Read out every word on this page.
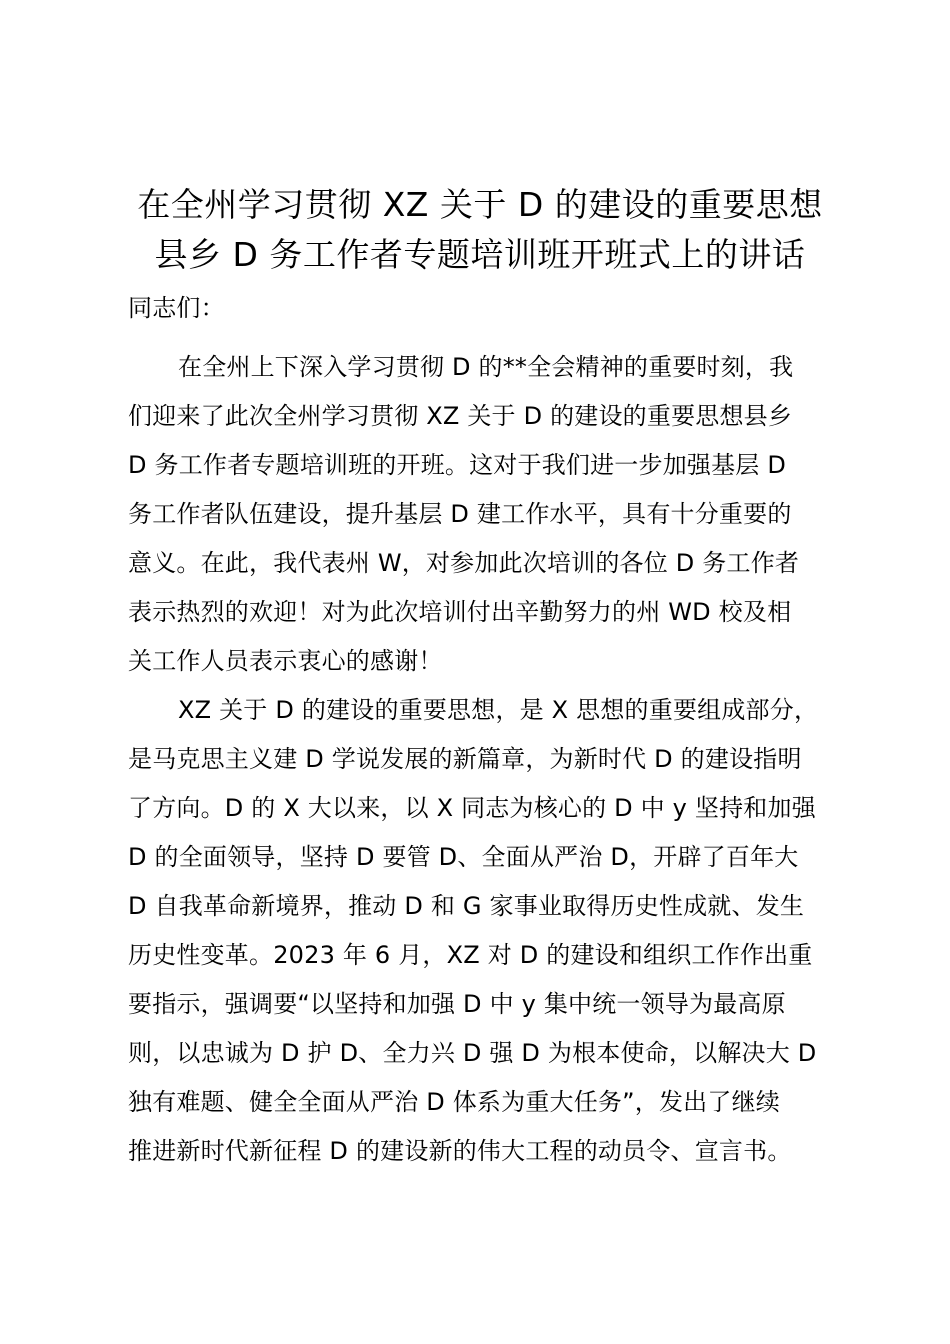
在全州学习贯彻 XZ 关于 D 的建设的重要思想
县乡 D 务工作者专题培训班开班式上的讲话
同志们：
在全州上下深入学习贯彻 D 的**全会精神的重要时刻，我
们迎来了此次全州学习贯彻 XZ 关于 D 的建设的重要思想县乡
D 务工作者专题培训班的开班。这对于我们进一步加强基层 D
务工作者队伍建设，提升基层 D 建工作水平，具有十分重要的
意义。在此，我代表州 W，对参加此次培训的各位 D 务工作者
表示热烈的欢迎！对为此次培训付出辛勤努力的州 WD 校及相
关工作人员表示衷心的感谢！
XZ 关于 D 的建设的重要思想，是 X 思想的重要组成部分，
是马克思主义建 D 学说发展的新篇章，为新时代 D 的建设指明
了方向。D 的 X 大以来，以 X 同志为核心的 D 中 y 坚持和加强
D 的全面领导，坚持 D 要管 D、全面从严治 D，开辟了百年大
D 自我革命新境界，推动 D 和 G 家事业取得历史性成就、发生
历史性变革。2023 年 6 月，XZ 对 D 的建设和组织工作作出重
要指示，强调要“以坚持和加强 D 中 y 集中统一领导为最高原
则，以忠诚为 D 护 D、全力兴 D 强 D 为根本使命，以解决大 D
独有难题、健全全面从严治 D 体系为重大任务”，发出了继续
推进新时代新征程 D 的建设新的伟大工程的动员令、宣言书。
